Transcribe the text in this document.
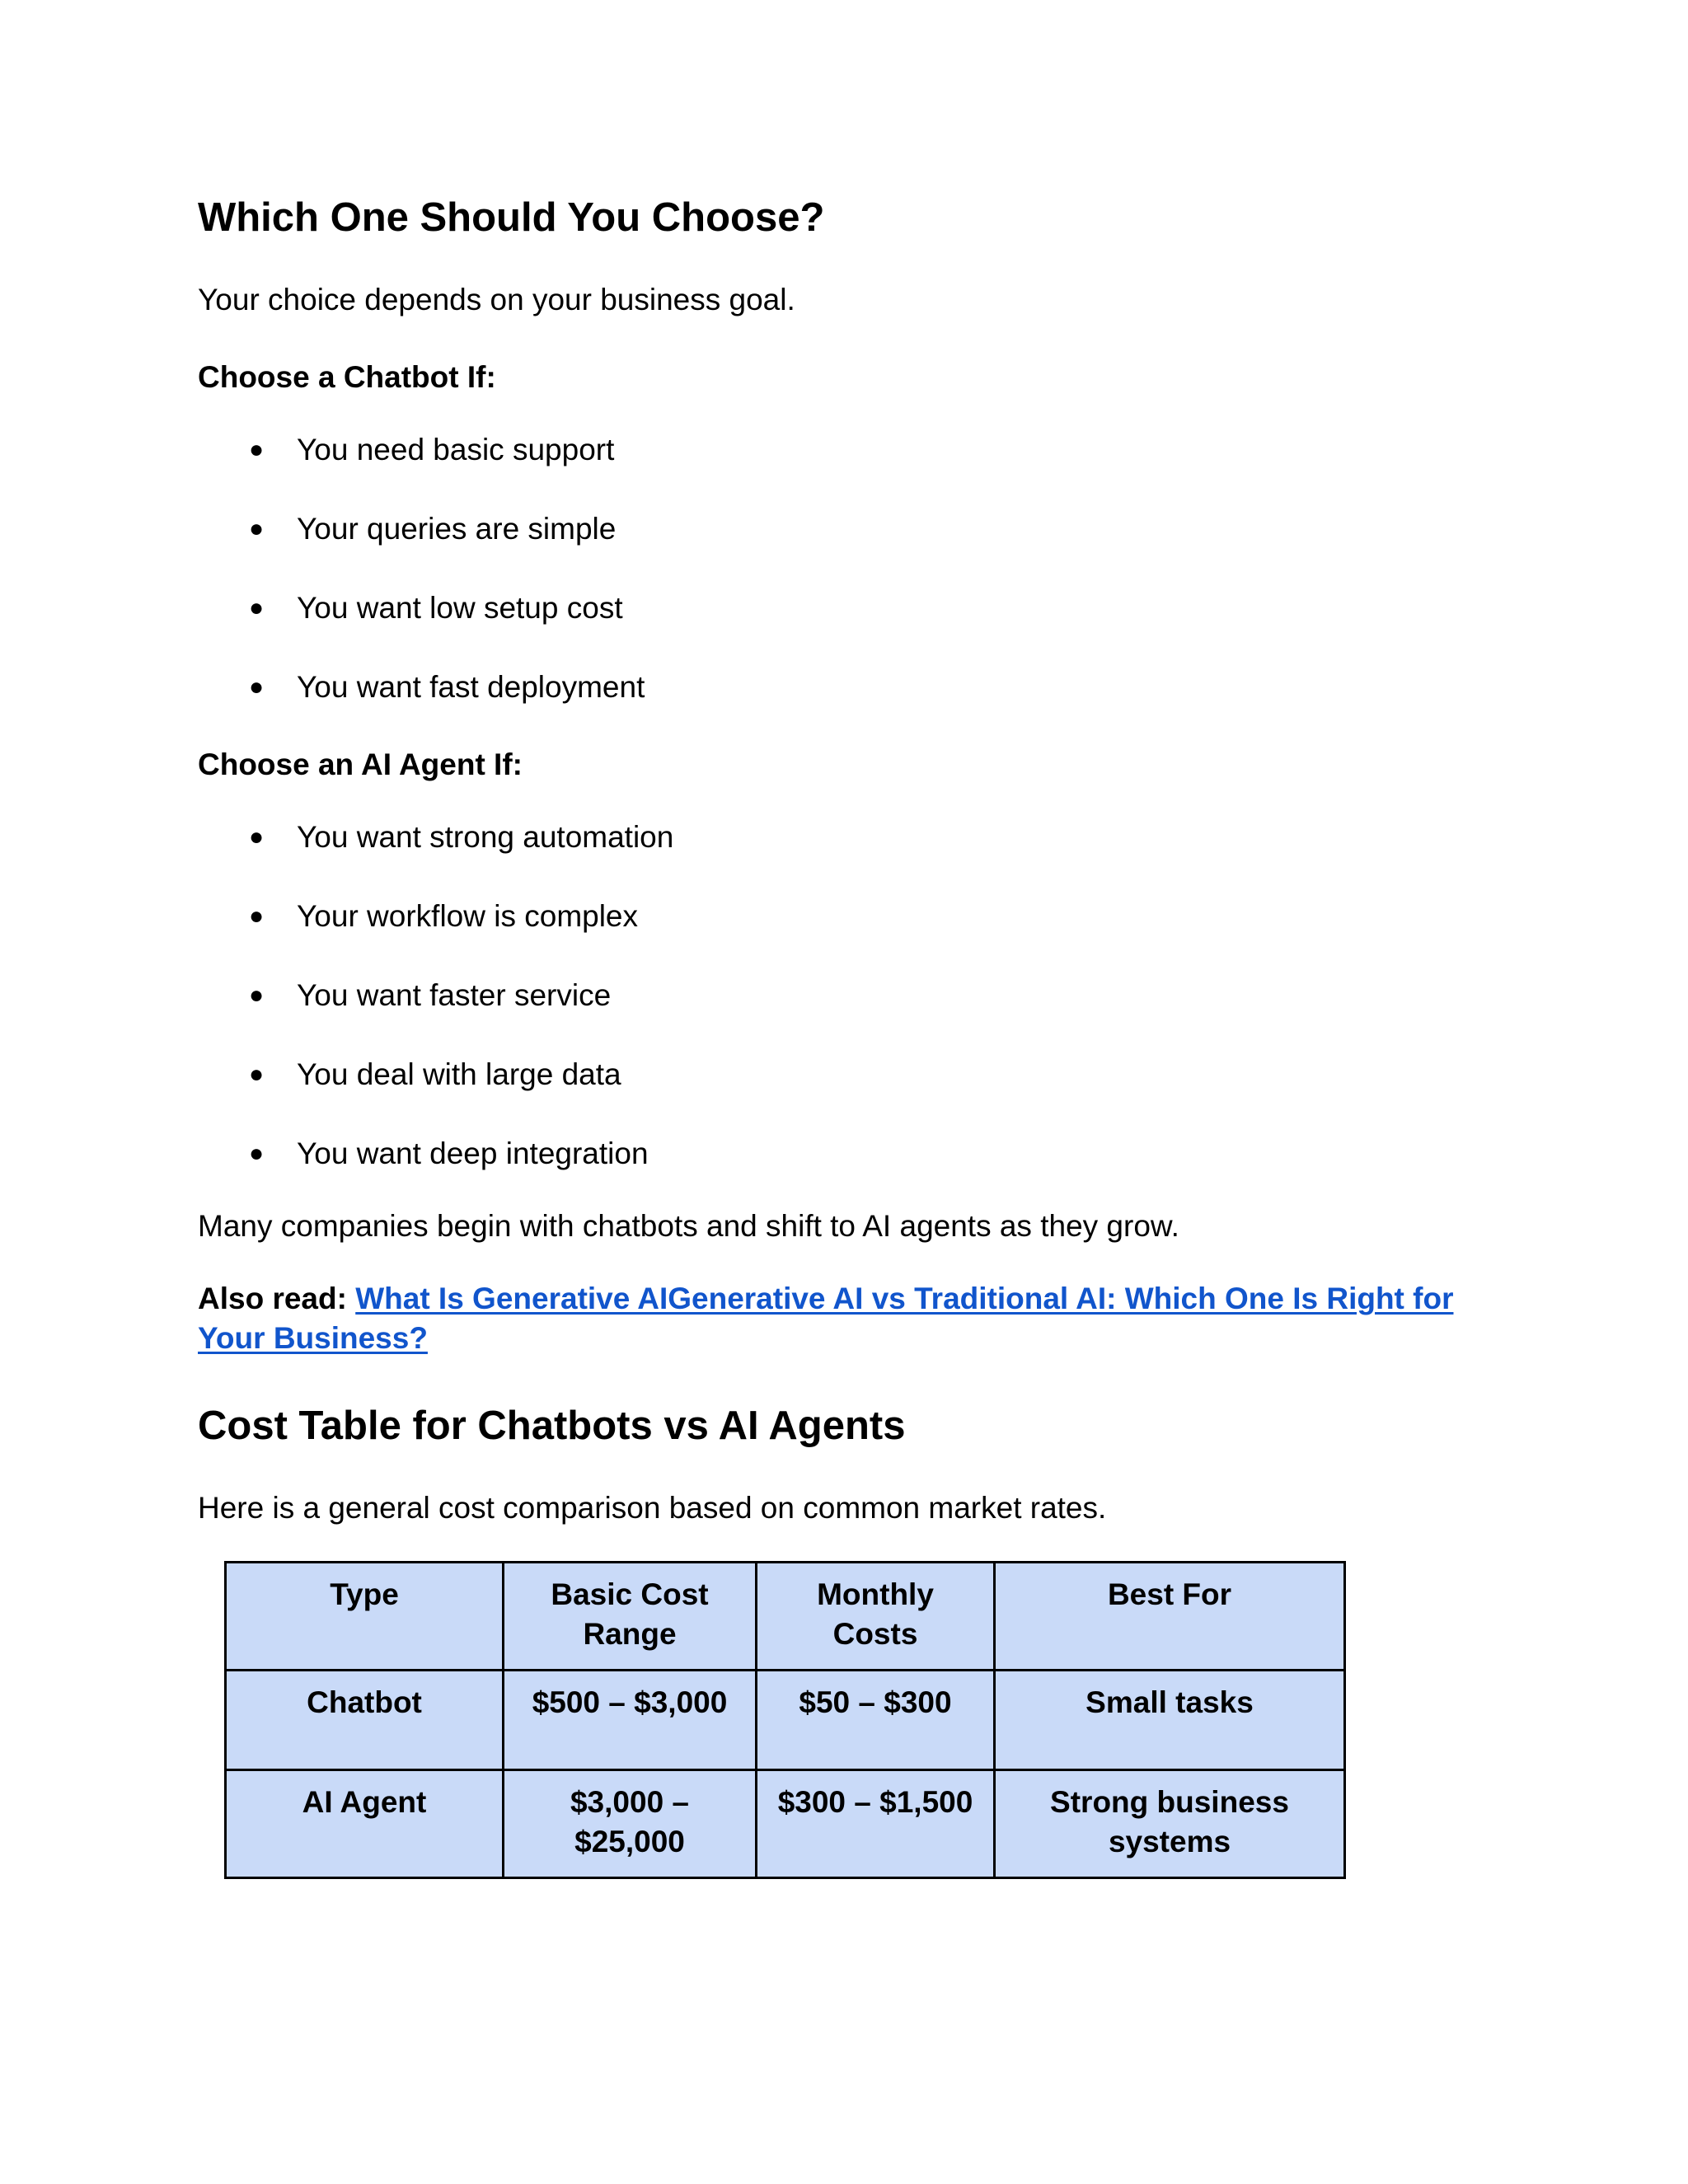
Which One Should You Choose?

Your choice depends on your business goal.

Choose a Chatbot If:

● You need basic support
● Your queries are simple
● You want low setup cost
● You want fast deployment

Choose an AI Agent If:

● You want strong automation
● Your workflow is complex
● You want faster service
● You deal with large data
● You want deep integration

Many companies begin with chatbots and shift to AI agents as they grow.

Also read: What Is Generative AIGenerative AI vs Traditional AI: Which One Is Right for Your Business?

Cost Table for Chatbots vs AI Agents

Here is a general cost comparison based on common market rates.

Type	Basic Cost Range	Monthly Costs	Best For
Chatbot	$500 – $3,000	$50 – $300	Small tasks
AI Agent	$3,000 – $25,000	$300 – $1,500	Strong business systems
